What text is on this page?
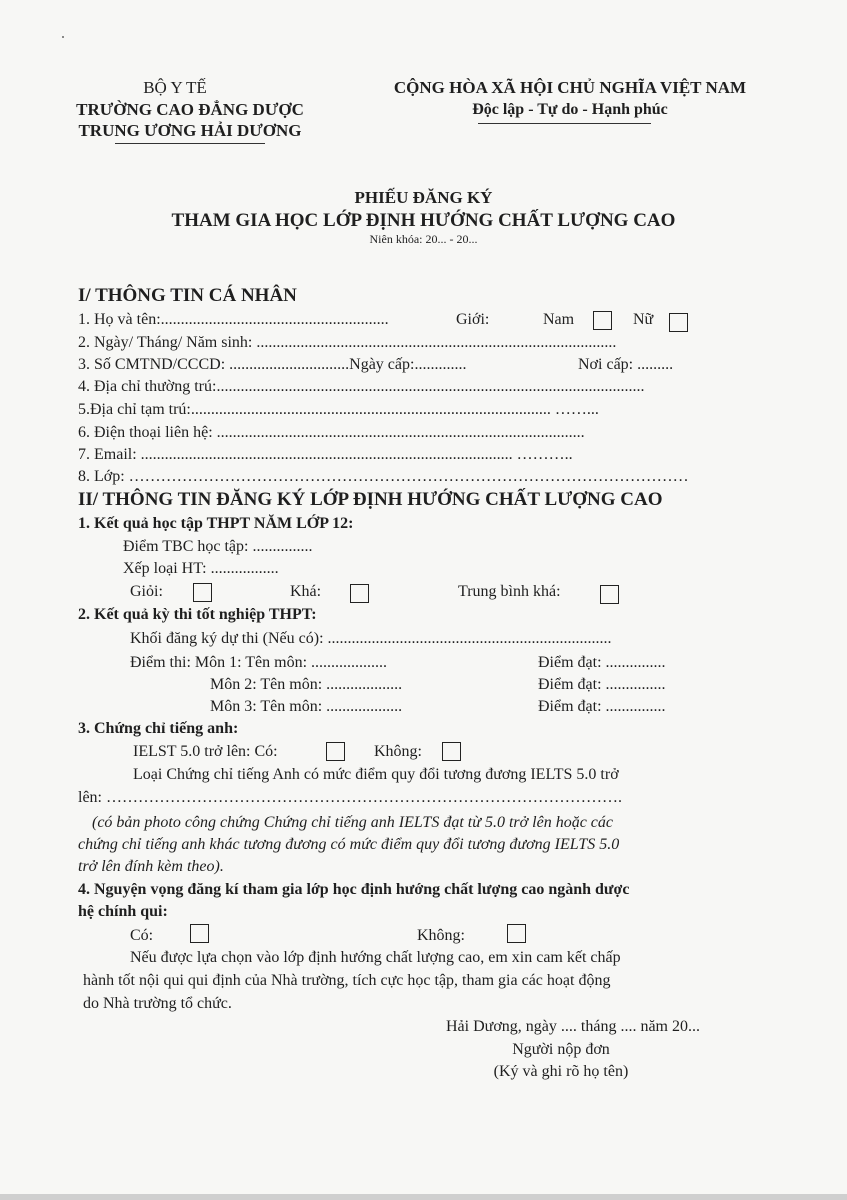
BỘ Y TẾ
TRƯỜNG CAO ĐẲNG DƯỢC
TRUNG ƯƠNG HẢI DƯƠNG
CỘNG HÒA XÃ HỘI CHỦ NGHĨA VIỆT NAM
Độc lập - Tự do - Hạnh phúc
PHIẾU ĐĂNG KÝ
THAM GIA HỌC LỚP ĐỊNH HƯỚNG CHẤT LƯỢNG CAO
Niên khóa: 20... - 20...
I/ THÔNG TIN CÁ NHÂN
1. Họ và tên:.........................................................	Giới:	Nam	Nữ
2. Ngày/ Tháng/ Năm sinh: ..........................................................................................
3. Số CMTND/CCCD: ..............................Ngày cấp:.............	Nơi cấp: .........
4. Địa chỉ thường trú:...........................................................................................................
5.Địa chỉ tạm trú:.......................................................................................... ……...
6. Điện thoại liên hệ: ............................................................................................
7. Email: ............................................................................................. ………..
8. Lớp: ……………………………………………………………………………………………
II/ THÔNG TIN ĐĂNG KÝ LỚP ĐỊNH HƯỚNG CHẤT LƯỢNG CAO
1. Kết quả học tập THPT NĂM LỚP 12:
Điểm TBC học tập: ...............
Xếp loại HT: .................
Giỏi:	Khá:	Trung bình khá:
2. Kết quả kỳ thi tốt nghiệp THPT:
Khối đăng ký dự thi (Nếu có): .......................................................................
Điểm thi: Môn 1: Tên môn: ...................	Điểm đạt: ...............
Môn 2: Tên môn: ...................	Điểm đạt: ...............
Môn 3: Tên môn: ...................	Điểm đạt: ...............
3. Chứng chỉ tiếng anh:
IELST 5.0 trở lên: Có:	Không:
Loại Chứng chỉ tiếng Anh có mức điểm quy đổi tương đương IELTS 5.0 trở
lên: …………………………………………………………………………………….
(có bản photo công chứng Chứng chỉ tiếng anh IELTS đạt từ 5.0 trở lên hoặc các
chứng chỉ tiếng anh khác tương đương có mức điểm quy đổi tương đương IELTS 5.0
trở lên đính kèm theo).
4. Nguyện vọng đăng kí tham gia lớp học định hướng chất lượng cao ngành dược
hệ chính qui:
Có:	Không:
Nếu được lựa chọn vào lớp định hướng chất lượng cao, em xin cam kết chấp
hành tốt nội qui qui định của Nhà trường, tích cực học tập, tham gia các hoạt động
do Nhà trường tổ chức.
Hải Dương, ngày .... tháng .... năm 20...
Người nộp đơn
(Ký và ghi rõ họ tên)
